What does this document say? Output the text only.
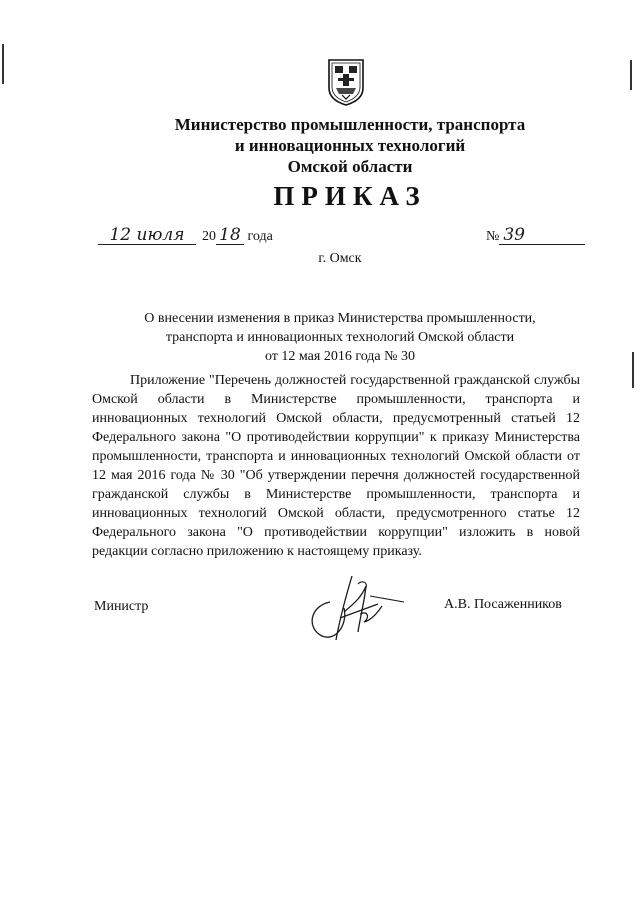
Министерство промышленности, транспорта
и инновационных технологий
Омской области
ПРИКАЗ
12 июля 20 18 года	№ 39
г. Омск
О внесении изменения в приказ Министерства промышленности,
транспорта и инновационных технологий Омской области
от 12 мая 2016 года № 30
Приложение "Перечень должностей государственной гражданской службы Омской области в Министерстве промышленности, транспорта и инновационных технологий Омской области, предусмотренный статьей 12 Федерального закона "О противодействии коррупции" к приказу Министерства промышленности, транспорта и инновационных технологий Омской области от 12 мая 2016 года № 30 "Об утверждении перечня должностей государственной гражданской службы в Министерстве промышленности, транспорта и инновационных технологий Омской области, предусмотренного статье 12 Федерального закона "О противодействии коррупции" изложить в новой редакции согласно приложению к настоящему приказу.
Министр	А.В. Посаженников
